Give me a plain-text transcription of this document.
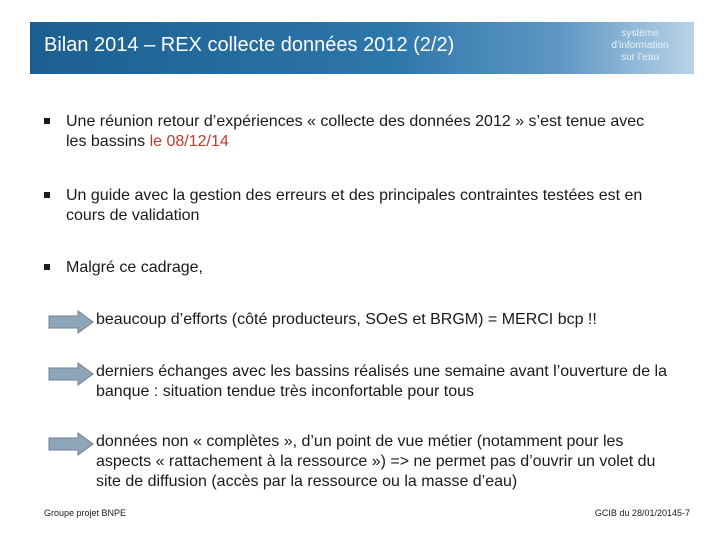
Bilan 2014 – REX collecte données 2012 (2/2)
système
d’information
sur l’eau
Une réunion retour d’expériences « collecte des données 2012 » s’est tenue avec les bassins le 08/12/14
Un guide avec la gestion des erreurs et des principales contraintes testées est en cours de validation
Malgré ce cadrage,
beaucoup d’efforts (côté producteurs, SOeS et BRGM) = MERCI bcp !!
derniers échanges avec les bassins réalisés une semaine avant l’ouverture de la banque : situation tendue très inconfortable pour tous
données non « complètes », d’un point de vue métier (notamment pour les aspects « rattachement à la ressource ») => ne permet pas d’ouvrir un volet du site de diffusion (accès par la ressource ou la masse d’eau)
Groupe projet BNPE	GCIB du 28/01/20145-7
